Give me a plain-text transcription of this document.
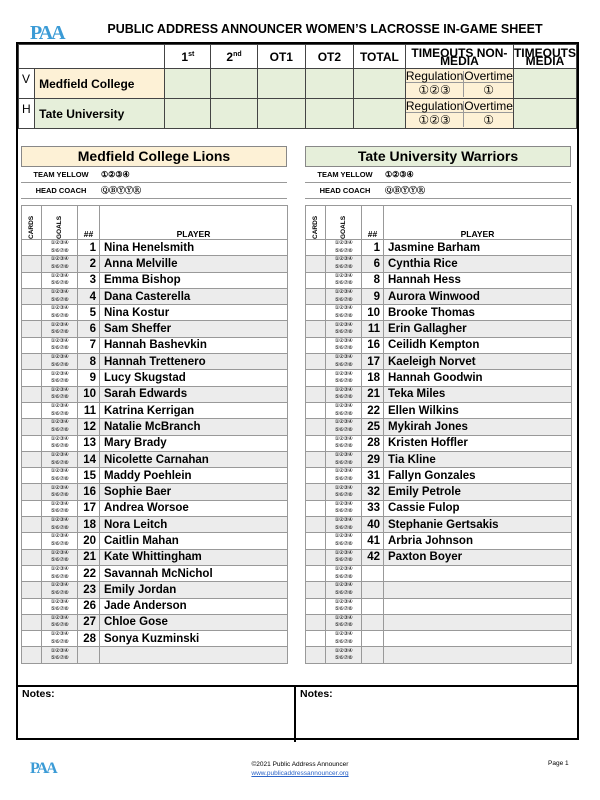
PAA	PUBLIC ADDRESS ANNOUNCER WOMEN’S LACROSSE IN-GAME SHEET
	1st	2nd	OT1	OT2	TOTAL	TIMEOUTS NON-MEDIA	TIMEOUTS MEDIA
V	Medfield College						
Regulation	Overtime
①②③	①

H	Tate University						
Regulation	Overtime
①②③	①

Medfield College Lions
TEAM YELLOW	①②③④
HEAD COACH	ⓆⒷⓎⓎⓇ
CARDS	GOALS	##	PLAYER
	①②③④ ⑤⑥⑦⑧	1	Nina Henelsmith
	①②③④ ⑤⑥⑦⑧	2	Anna Melville
	①②③④ ⑤⑥⑦⑧	3	Emma Bishop
	①②③④ ⑤⑥⑦⑧	4	Dana Casterella
	①②③④ ⑤⑥⑦⑧	5	Nina Kostur
	①②③④ ⑤⑥⑦⑧	6	Sam Sheffer
	①②③④ ⑤⑥⑦⑧	7	Hannah Bashevkin
	①②③④ ⑤⑥⑦⑧	8	Hannah Trettenero
	①②③④ ⑤⑥⑦⑧	9	Lucy Skugstad
	①②③④ ⑤⑥⑦⑧	10	Sarah Edwards
	①②③④ ⑤⑥⑦⑧	11	Katrina Kerrigan
	①②③④ ⑤⑥⑦⑧	12	Natalie McBranch
	①②③④ ⑤⑥⑦⑧	13	Mary Brady
	①②③④ ⑤⑥⑦⑧	14	Nicolette Carnahan
	①②③④ ⑤⑥⑦⑧	15	Maddy Poehlein
	①②③④ ⑤⑥⑦⑧	16	Sophie Baer
	①②③④ ⑤⑥⑦⑧	17	Andrea Worsoe
	①②③④ ⑤⑥⑦⑧	18	Nora Leitch
	①②③④ ⑤⑥⑦⑧	20	Caitlin Mahan
	①②③④ ⑤⑥⑦⑧	21	Kate Whittingham
	①②③④ ⑤⑥⑦⑧	22	Savannah McNichol
	①②③④ ⑤⑥⑦⑧	23	Emily Jordan
	①②③④ ⑤⑥⑦⑧	26	Jade Anderson
	①②③④ ⑤⑥⑦⑧	27	Chloe Gose
	①②③④ ⑤⑥⑦⑧	28	Sonya Kuzminski
	①②③④ ⑤⑥⑦⑧		
Tate University Warriors
TEAM YELLOW	①②③④
HEAD COACH	ⓆⒷⓎⓎⓇ
CARDS	GOALS	##	PLAYER
	①②③④ ⑤⑥⑦⑧	1	Jasmine Barham
	①②③④ ⑤⑥⑦⑧	6	Cynthia Rice
	①②③④ ⑤⑥⑦⑧	8	Hannah Hess
	①②③④ ⑤⑥⑦⑧	9	Aurora Winwood
	①②③④ ⑤⑥⑦⑧	10	Brooke Thomas
	①②③④ ⑤⑥⑦⑧	11	Erin Gallagher
	①②③④ ⑤⑥⑦⑧	16	Ceilidh Kempton
	①②③④ ⑤⑥⑦⑧	17	Kaeleigh Norvet
	①②③④ ⑤⑥⑦⑧	18	Hannah Goodwin
	①②③④ ⑤⑥⑦⑧	21	Teka Miles
	①②③④ ⑤⑥⑦⑧	22	Ellen Wilkins
	①②③④ ⑤⑥⑦⑧	25	Mykirah Jones
	①②③④ ⑤⑥⑦⑧	28	Kristen Hoffler
	①②③④ ⑤⑥⑦⑧	29	Tia Kline
	①②③④ ⑤⑥⑦⑧	31	Fallyn Gonzales
	①②③④ ⑤⑥⑦⑧	32	Emily Petrole
	①②③④ ⑤⑥⑦⑧	33	Cassie Fulop
	①②③④ ⑤⑥⑦⑧	40	Stephanie Gertsakis
	①②③④ ⑤⑥⑦⑧	41	Arbria Johnson
	①②③④ ⑤⑥⑦⑧	42	Paxton Boyer
	①②③④ ⑤⑥⑦⑧		
	①②③④ ⑤⑥⑦⑧		
	①②③④ ⑤⑥⑦⑧		
	①②③④ ⑤⑥⑦⑧		
	①②③④ ⑤⑥⑦⑧		
	①②③④ ⑤⑥⑦⑧		
Notes:	Notes:
PAA	©2021 Public Address Announcer
www.publicaddressannouncer.org
Page 1
